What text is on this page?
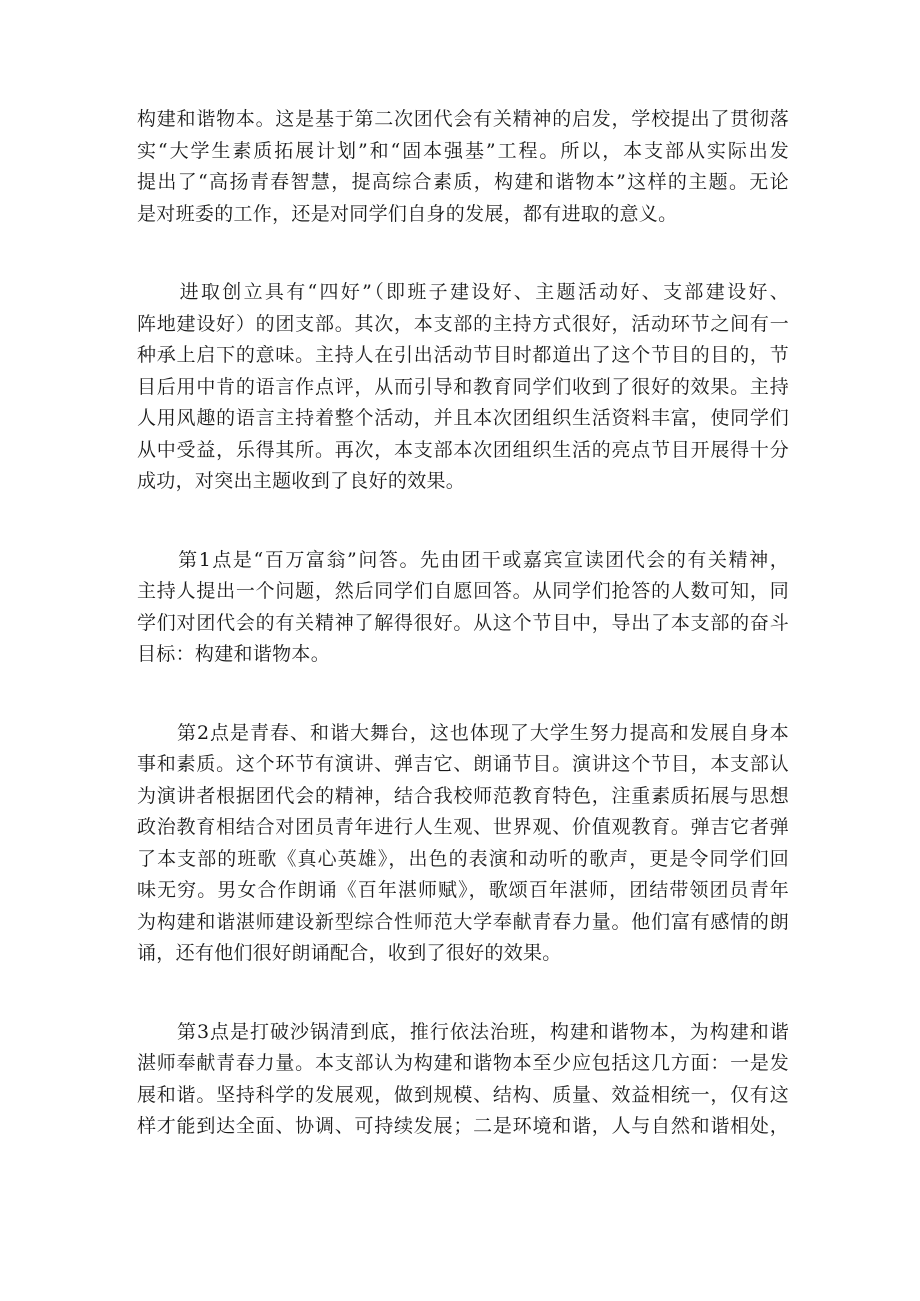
构建和谐物本。这是基于第二次团代会有关精神的启发，学校提出了贯彻落
实“大学生素质拓展计划”和“固本强基”工程。所以，本支部从实际出发
提出了“高扬青春智慧，提高综合素质，构建和谐物本”这样的主题。无论
是对班委的工作，还是对同学们自身的发展，都有进取的意义。

　　进取创立具有“四好”（即班子建设好、主题活动好、支部建设好、
阵地建设好）的团支部。其次，本支部的主持方式很好，活动环节之间有一
种承上启下的意味。主持人在引出活动节目时都道出了这个节目的目的，节
目后用中肯的语言作点评，从而引导和教育同学们收到了很好的效果。主持
人用风趣的语言主持着整个活动，并且本次团组织生活资料丰富，使同学们
从中受益，乐得其所。再次，本支部本次团组织生活的亮点节目开展得十分
成功，对突出主题收到了良好的效果。

　　第1点是“百万富翁”问答。先由团干或嘉宾宣读团代会的有关精神，
主持人提出一个问题，然后同学们自愿回答。从同学们抢答的人数可知，同
学们对团代会的有关精神了解得很好。从这个节目中，导出了本支部的奋斗
目标：构建和谐物本。

　　第2点是青春、和谐大舞台，这也体现了大学生努力提高和发展自身本
事和素质。这个环节有演讲、弹吉它、朗诵节目。演讲这个节目，本支部认
为演讲者根据团代会的精神，结合我校师范教育特色，注重素质拓展与思想
政治教育相结合对团员青年进行人生观、世界观、价值观教育。弹吉它者弹
了本支部的班歌《真心英雄》，出色的表演和动听的歌声，更是令同学们回
味无穷。男女合作朗诵《百年湛师赋》，歌颂百年湛师，团结带领团员青年
为构建和谐湛师建设新型综合性师范大学奉献青春力量。他们富有感情的朗
诵，还有他们很好朗诵配合，收到了很好的效果。

　　第3点是打破沙锅清到底，推行依法治班，构建和谐物本，为构建和谐
湛师奉献青春力量。本支部认为构建和谐物本至少应包括这几方面：一是发
展和谐。坚持科学的发展观，做到规模、结构、质量、效益相统一，仅有这
样才能到达全面、协调、可持续发展；二是环境和谐，人与自然和谐相处，
